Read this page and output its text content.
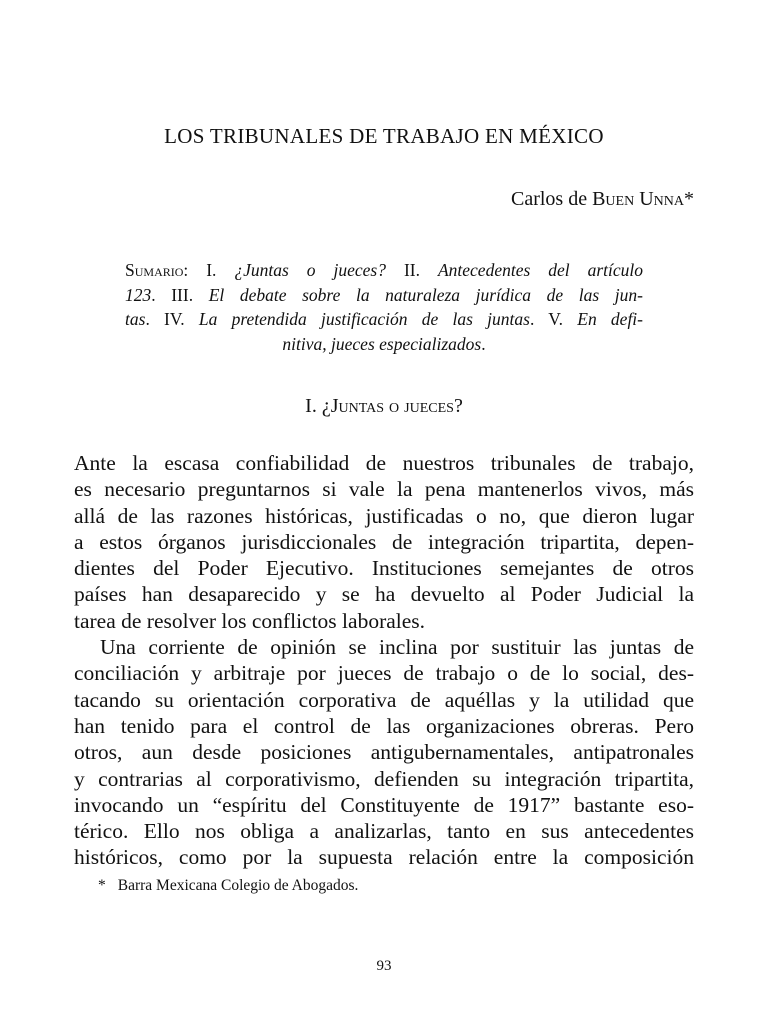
LOS TRIBUNALES DE TRABAJO EN MÉXICO
Carlos de Buen Unna*
Sumario: I. ¿Juntas o jueces? II. Antecedentes del artículo
123. III. El debate sobre la naturaleza jurídica de las jun-
tas. IV. La pretendida justificación de las juntas. V. En defi-
nitiva, jueces especializados.
I. ¿Juntas o jueces?
Ante la escasa confiabilidad de nuestros tribunales de trabajo,
es necesario preguntarnos si vale la pena mantenerlos vivos, más
allá de las razones históricas, justificadas o no, que dieron lugar
a estos órganos jurisdiccionales de integración tripartita, depen-
dientes del Poder Ejecutivo. Instituciones semejantes de otros
países han desaparecido y se ha devuelto al Poder Judicial la
tarea de resolver los conflictos laborales.
Una corriente de opinión se inclina por sustituir las juntas de
conciliación y arbitraje por jueces de trabajo o de lo social, des-
tacando su orientación corporativa de aquéllas y la utilidad que
han tenido para el control de las organizaciones obreras. Pero
otros, aun desde posiciones antigubernamentales, antipatronales
y contrarias al corporativismo, defienden su integración tripartita,
invocando un “espíritu del Constituyente de 1917” bastante eso-
térico. Ello nos obliga a analizarlas, tanto en sus antecedentes
históricos, como por la supuesta relación entre la composición
* Barra Mexicana Colegio de Abogados.
93
